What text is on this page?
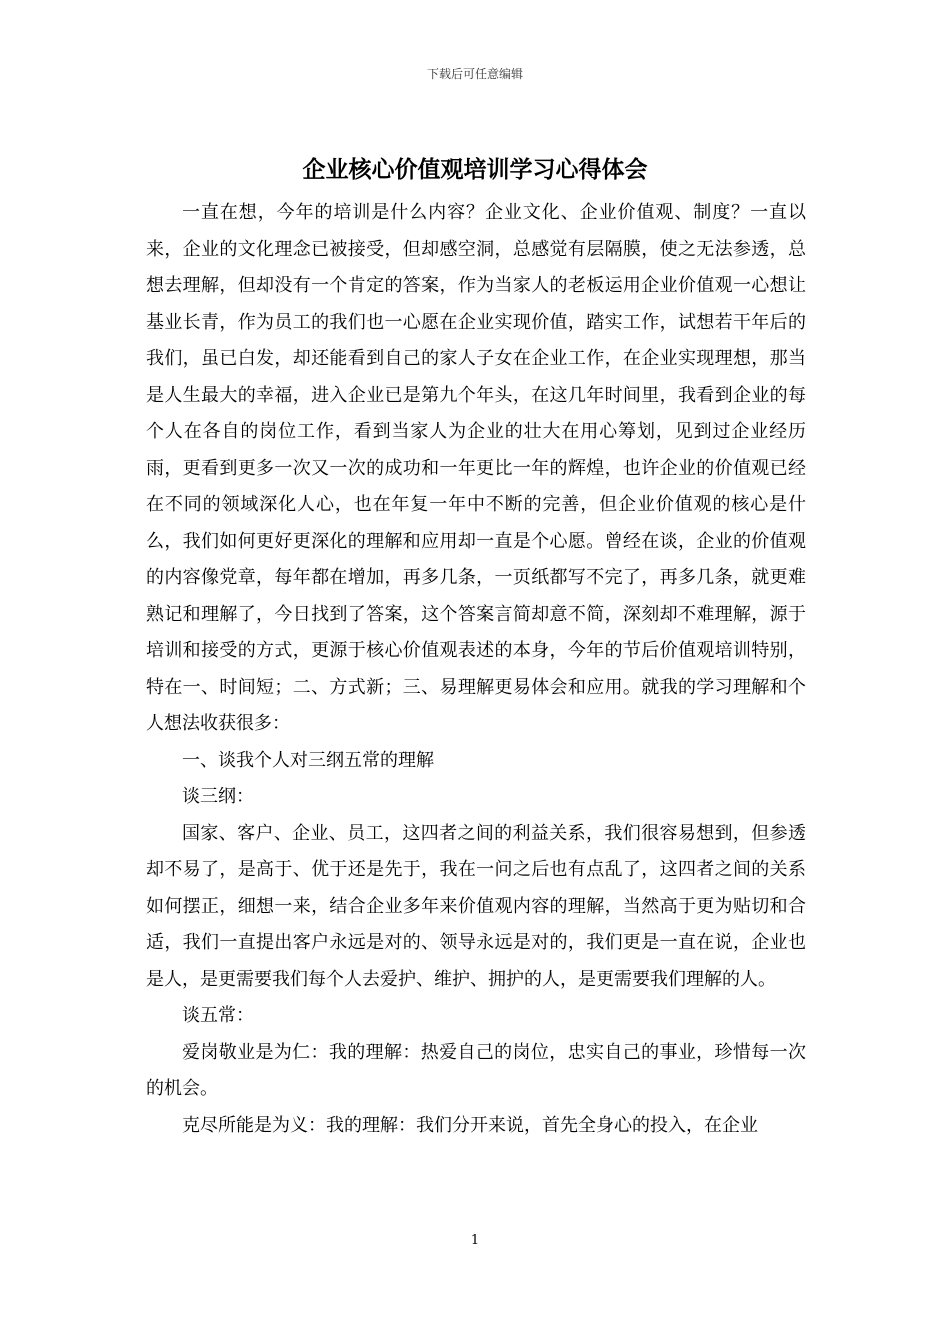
下载后可任意编辑
企业核心价值观培训学习心得体会

一直在想，今年的培训是什么内容？企业文化、企业价值观、制度？一直以来，企业的文化理念已被接受，但却感空洞，总感觉有层隔膜，使之无法参透，总想去理解，但却没有一个肯定的答案，作为当家人的老板运用企业价值观一心想让基业长青，作为员工的我们也一心愿在企业实现价值，踏实工作，试想若干年后的我们，虽已白发，却还能看到自己的家人子女在企业工作，在企业实现理想，那当是人生最大的幸福，进入企业已是第九个年头，在这几年时间里，我看到企业的每个人在各自的岗位工作，看到当家人为企业的壮大在用心筹划，见到过企业经历雨，更看到更多一次又一次的成功和一年更比一年的辉煌，也许企业的价值观已经在不同的领域深化人心，也在年复一年中不断的完善，但企业价值观的核心是什么，我们如何更好更深化的理解和应用却一直是个心愿。曾经在谈，企业的价值观的内容像党章，每年都在增加，再多几条，一页纸都写不完了，再多几条，就更难熟记和理解了，今日找到了答案，这个答案言简却意不简，深刻却不难理解，源于培训和接受的方式，更源于核心价值观表述的本身，今年的节后价值观培训特别，特在一、时间短；二、方式新；三、易理解更易体会和应用。就我的学习理解和个人想法收获很多：

一、谈我个人对三纲五常的理解

谈三纲：

国家、客户、企业、员工，这四者之间的利益关系，我们很容易想到，但参透却不易了，是高于、优于还是先于，我在一问之后也有点乱了，这四者之间的关系如何摆正，细想一来，结合企业多年来价值观内容的理解，当然高于更为贴切和合适，我们一直提出客户永远是对的、领导永远是对的，我们更是一直在说，企业也是人，是更需要我们每个人去爱护、维护、拥护的人，是更需要我们理解的人。

谈五常：

爱岗敬业是为仁：我的理解：热爱自己的岗位，忠实自己的事业，珍惜每一次的机会。

克尽所能是为义：我的理解：我们分开来说，首先全身心的投入，在企业

1
